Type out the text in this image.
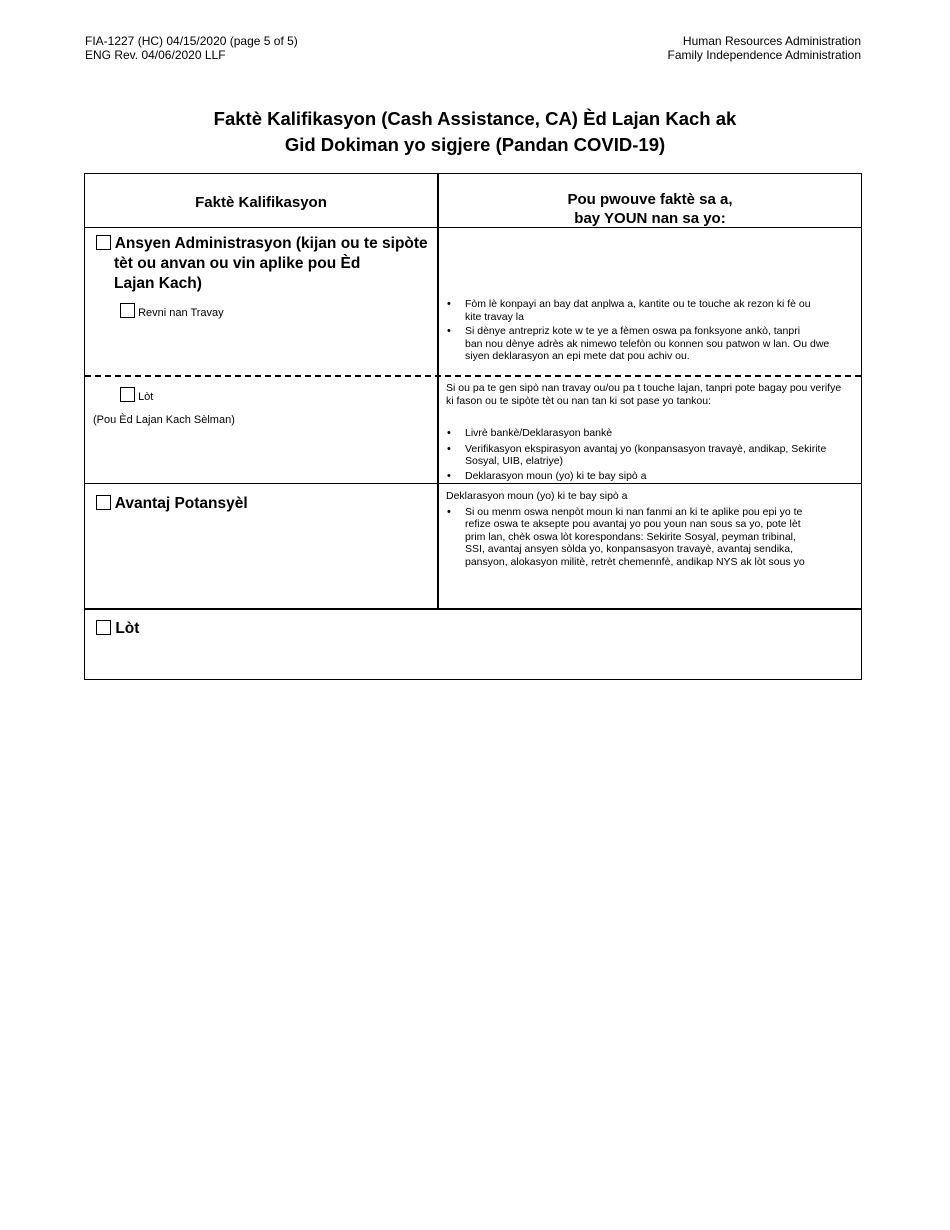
FIA-1227 (HC) 04/15/2020 (page 5 of 5)
ENG Rev. 04/06/2020 LLF
Human Resources Administration
Family Independence Administration
Faktè Kalifikasyon (Cash Assistance, CA) Èd Lajan Kach ak
Gid Dokiman yo sigjere (Pandan COVID-19)
Faktè Kalifikasyon	Pou pwouve faktè sa a,
bay YOUN nan sa yo:
Ansyen Administrasyon (kijan ou te sipòte
tèt ou anvan ou vin aplike pou Èd
Lajan Kach)
Revni nan Travay
• Fòm lè konpayi an bay dat anplwa a, kantite ou te touche ak rezon ki fè ou
kite travay la
• Si dènye antrepriz kote w te ye a fèmen oswa pa fonksyone ankò, tanpri
ban nou dènye adrès ak nimewo telefòn ou konnen sou patwon w lan. Ou dwe
siyen deklarasyon an epi mete dat pou achiv ou.
Lòt
(Pou Èd Lajan Kach Sèlman)
Si ou pa te gen sipò nan travay ou/ou pa t touche lajan, tanpri pote bagay pou verifye
ki fason ou te sipòte tèt ou nan tan ki sot pase yo tankou:
• Livrè bankè/Deklarasyon bankè
• Verifikasyon ekspirasyon avantaj yo (konpansasyon travayè, andikap, Sekirite
Sosyal, UIB, elatriye)
• Deklarasyon moun (yo) ki te bay sipò a
Avantaj Potansyèl	Deklarasyon moun (yo) ki te bay sipò a
• Si ou menm oswa nenpòt moun ki nan fanmi an ki te aplike pou epi yo te
refize oswa te aksepte pou avantaj yo pou youn nan sous sa yo, pote lèt
prim lan, chèk oswa lòt korespondans: Sekirite Sosyal, peyman tribinal,
SSI, avantaj ansyen sòlda yo, konpansasyon travayè, avantaj sendika,
pansyon, alokasyon militè, retrèt chemennfè, andikap NYS ak lòt sous yo
Lòt
